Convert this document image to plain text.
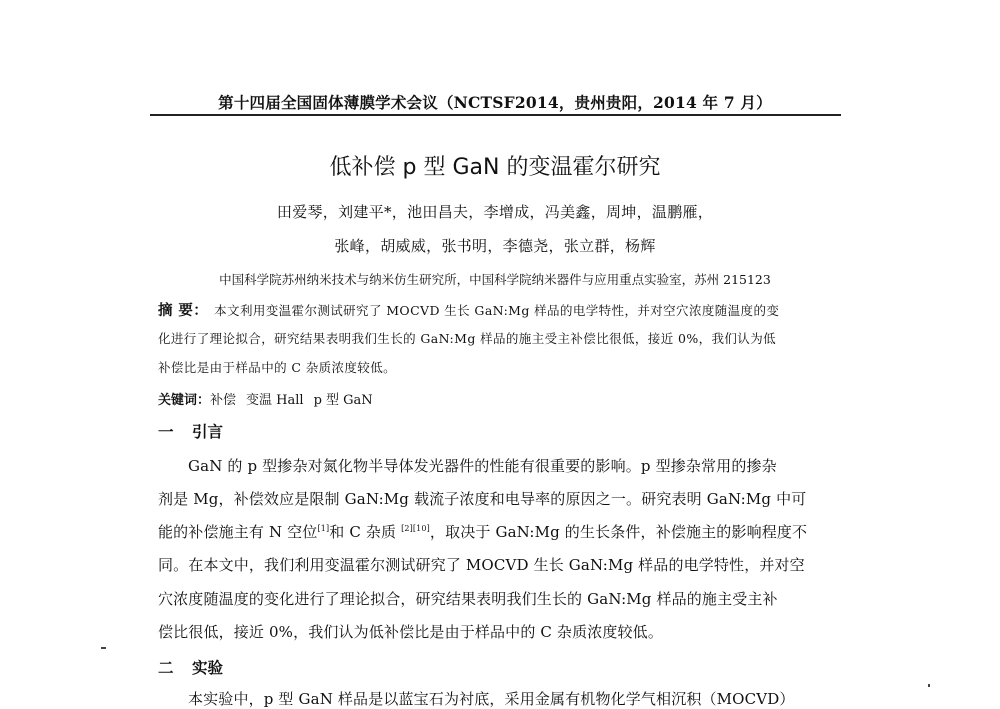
第十四届全国固体薄膜学术会议（NCTSF2014，贵州贵阳，2014 年 7 月）
低补偿 p 型 GaN 的变温霍尔研究
田爱琴，刘建平*，池田昌夫，李增成，冯美鑫，周坤，温鹏雁，
张峰，胡威威，张书明，李德尧，张立群，杨辉
中国科学院苏州纳米技术与纳米仿生研究所，中国科学院纳米器件与应用重点实验室，苏州 215123
摘 要： 本文利用变温霍尔测试研究了 MOCVD 生长 GaN:Mg 样品的电学特性，并对空穴浓度随温度的变
化进行了理论拟合，研究结果表明我们生长的 GaN:Mg 样品的施主受主补偿比很低，接近 0%，我们认为低
补偿比是由于样品中的 C 杂质浓度较低。
关键词：补偿 变温 Hall p 型 GaN
一 引言
GaN 的 p 型掺杂对氮化物半导体发光器件的性能有很重要的影响。p 型掺杂常用的掺杂
剂是 Mg，补偿效应是限制 GaN:Mg 载流子浓度和电导率的原因之一。研究表明 GaN:Mg 中可
能的补偿施主有 N 空位[1]和 C 杂质 [2][10]，取决于 GaN:Mg 的生长条件，补偿施主的影响程度不
同。在本文中，我们利用变温霍尔测试研究了 MOCVD 生长 GaN:Mg 样品的电学特性，并对空
穴浓度随温度的变化进行了理论拟合，研究结果表明我们生长的 GaN:Mg 样品的施主受主补
偿比很低，接近 0%，我们认为低补偿比是由于样品中的 C 杂质浓度较低。
二 实验
本实验中，p 型 GaN 样品是以蓝宝石为衬底，采用金属有机物化学气相沉积（MOCVD）
